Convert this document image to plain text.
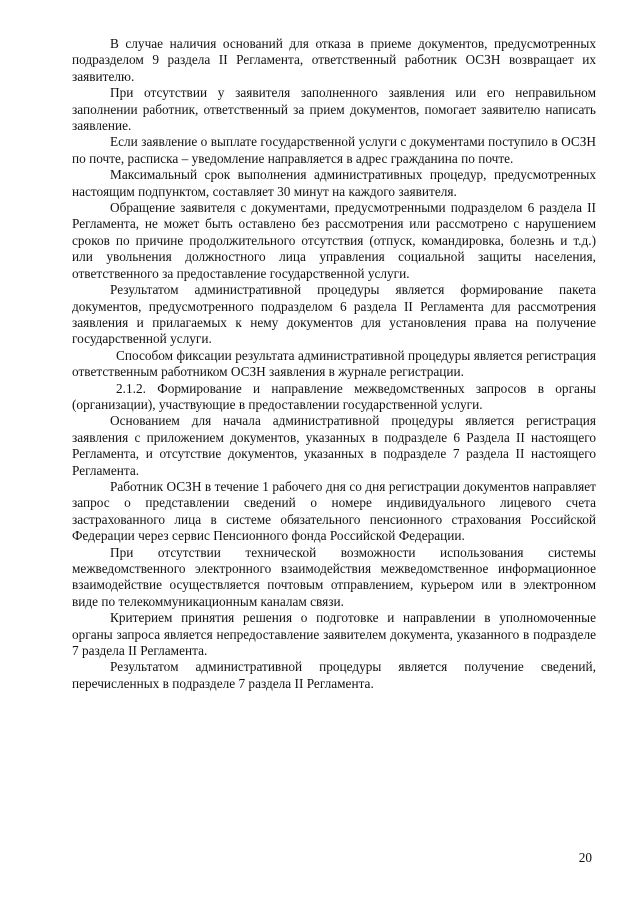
В случае наличия оснований для отказа в приеме документов, предусмотренных подразделом 9 раздела II Регламента, ответственный работник ОСЗН возвращает их заявителю.

При отсутствии у заявителя заполненного заявления или его неправильном заполнении работник, ответственный за прием документов, помогает заявителю написать заявление.

Если заявление о выплате государственной услуги с документами поступило в ОСЗН по почте, расписка – уведомление направляется в адрес гражданина по почте.

Максимальный срок выполнения административных процедур, предусмотренных настоящим подпунктом, составляет 30 минут на каждого заявителя.

Обращение заявителя с документами, предусмотренными подразделом 6 раздела II Регламента, не может быть оставлено без рассмотрения или рассмотрено с нарушением сроков по причине продолжительного отсутствия (отпуск, командировка, болезнь и т.д.) или увольнения должностного лица управления социальной защиты населения, ответственного за предоставление государственной услуги.

Результатом административной процедуры является формирование пакета документов, предусмотренного подразделом 6 раздела II Регламента для рассмотрения заявления и прилагаемых к нему документов для установления права на получение государственной услуги.

Способом фиксации результата административной процедуры является регистрация ответственным работником ОСЗН заявления в журнале регистрации.

2.1.2. Формирование и направление межведомственных запросов в органы (организации), участвующие в предоставлении государственной услуги.

Основанием для начала административной процедуры является регистрация заявления с приложением документов, указанных в подразделе 6 Раздела II настоящего Регламента, и отсутствие документов, указанных в подразделе 7 раздела II настоящего Регламента.

Работник ОСЗН в течение 1 рабочего дня со дня регистрации документов направляет запрос о представлении сведений о номере индивидуального лицевого счета застрахованного лица в системе обязательного пенсионного страхования Российской Федерации через сервис Пенсионного фонда Российской Федерации.

При отсутствии технической возможности использования системы межведомственного электронного взаимодействия межведомственное информационное взаимодействие осуществляется почтовым отправлением, курьером или в электронном виде по телекоммуникационным каналам связи.

Критерием принятия решения о подготовке и направлении в уполномоченные органы запроса является непредоставление заявителем документа, указанного в подразделе 7 раздела II Регламента.

Результатом административной процедуры является получение сведений, перечисленных в подразделе 7 раздела II Регламента.

20
